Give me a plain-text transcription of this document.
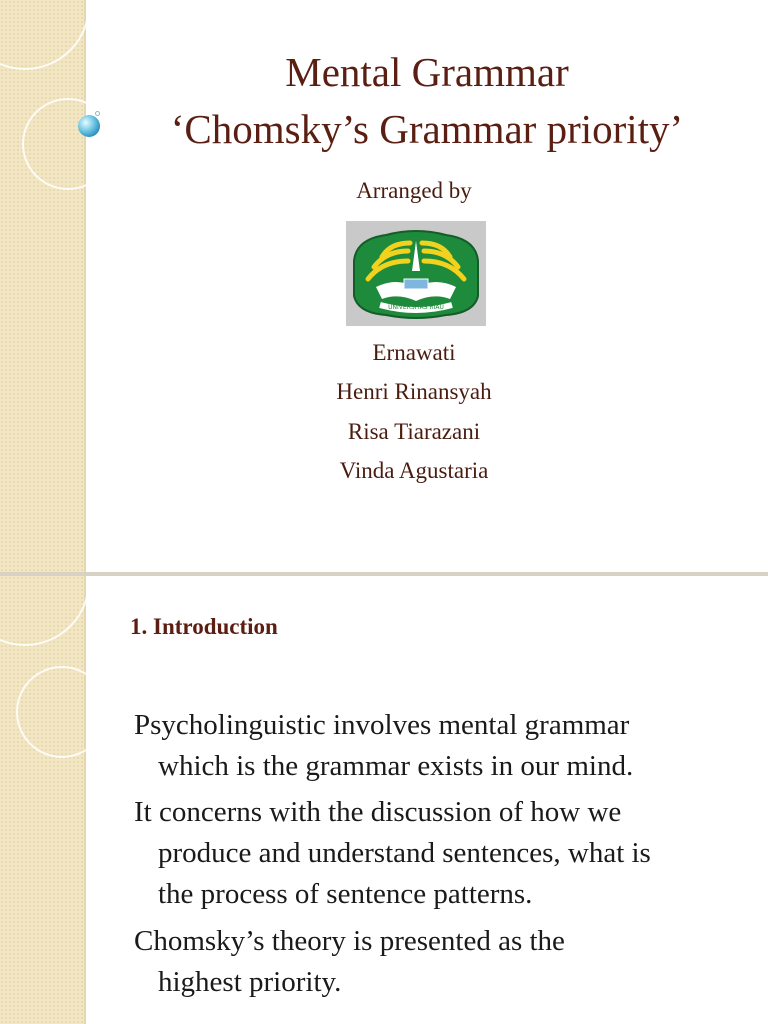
Mental Grammar
‘Chomsky’s Grammar priority’
Arranged by
UNIVERSITAS RIAU
Ernawati
Henri Rinansyah
Risa Tiarazani
Vinda Agustaria
1. Introduction
Psycholinguistic involves mental grammar
which is the grammar exists in our mind.
It concerns with the discussion of how we
produce and understand sentences, what is
the process of sentence patterns.
Chomsky’s theory is presented as the
highest priority.
